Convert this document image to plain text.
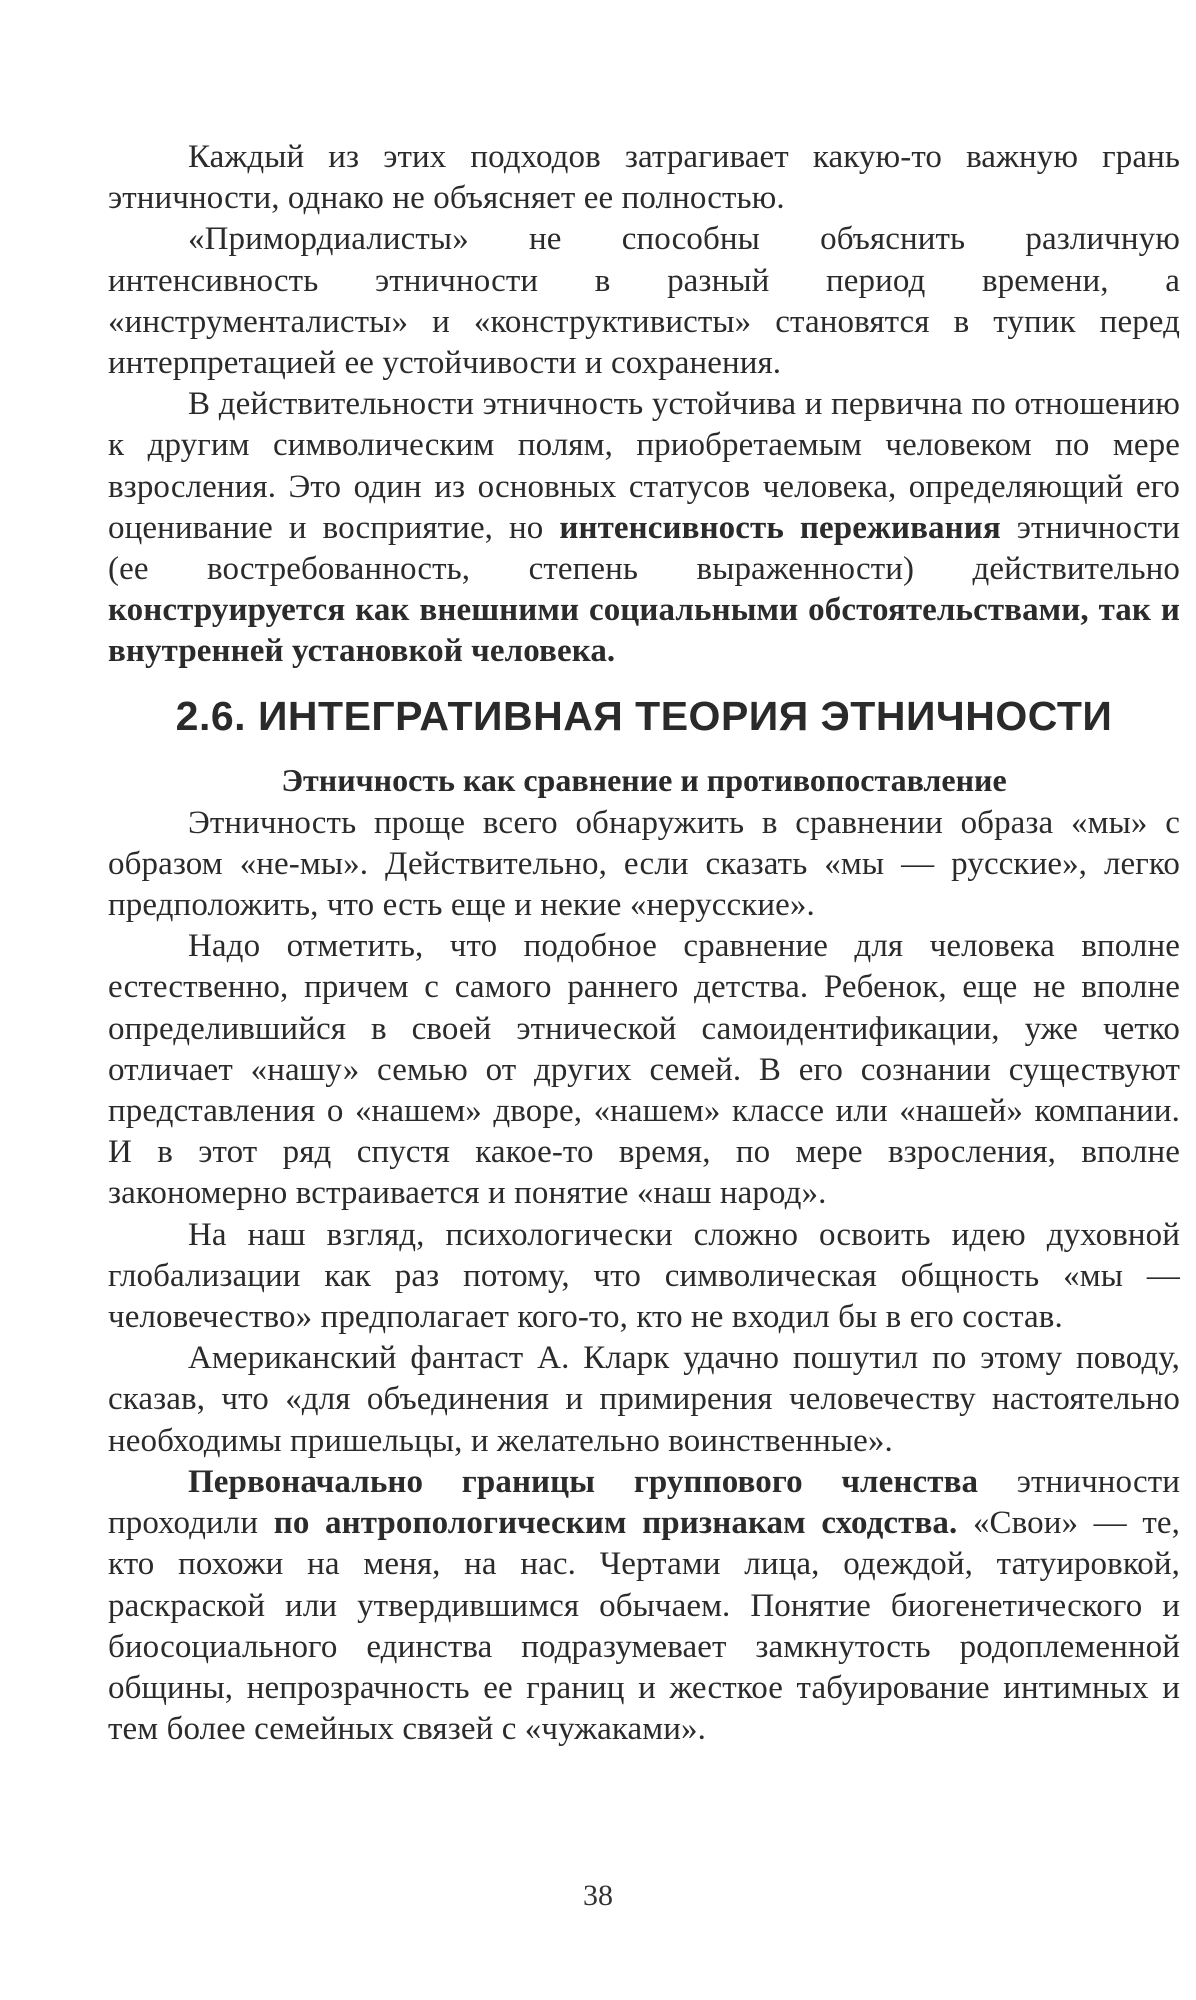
Каждый из этих подходов затрагивает какую-то важную грань этничности, однако не объясняет ее полностью.

«Примордиалисты» не способны объяснить различную интенсивность этничности в разный период времени, а «инструменталисты» и «конструктивисты» становятся в тупик перед интерпретацией ее устойчивости и сохранения.

В действительности этничность устойчива и первична по отношению к другим символическим полям, приобретаемым человеком по мере взросления. Это один из основных статусов человека, определяющий его оценивание и восприятие, но интенсивность переживания этничности (ее востребованность, степень выраженности) действительно конструируется как внешними социальными обстоятельствами, так и внутренней установкой человека.

2.6. ИНТЕГРАТИВНАЯ ТЕОРИЯ ЭТНИЧНОСТИ
Этничность как сравнение и противопоставление

Этничность проще всего обнаружить в сравнении образа «мы» с образом «не-мы». Действительно, если сказать «мы — русские», легко предположить, что есть еще и некие «нерусские».

Надо отметить, что подобное сравнение для человека вполне естественно, причем с самого раннего детства. Ребенок, еще не вполне определившийся в своей этнической самоидентификации, уже четко отличает «нашу» семью от других семей. В его сознании существуют представления о «нашем» дворе, «нашем» классе или «нашей» компании. И в этот ряд спустя какое-то время, по мере взросления, вполне закономерно встраивается и понятие «наш народ».

На наш взгляд, психологически сложно освоить идею духовной глобализации как раз потому, что символическая общность «мы — человечество» предполагает кого-то, кто не входил бы в его состав.

Американский фантаст А. Кларк удачно пошутил по этому поводу, сказав, что «для объединения и примирения человечеству настоятельно необходимы пришельцы, и желательно воинственные».

Первоначально границы группового членства этничности проходили по антропологическим признакам сходства. «Свои» — те, кто похожи на меня, на нас. Чертами лица, одеждой, татуировкой, раскраской или утвердившимся обычаем. Понятие биогенетического и биосоциального единства подразумевает замкнутость родоплеменной общины, непрозрачность ее границ и жесткое табуирование интимных и тем более семейных связей с «чужаками».

38
